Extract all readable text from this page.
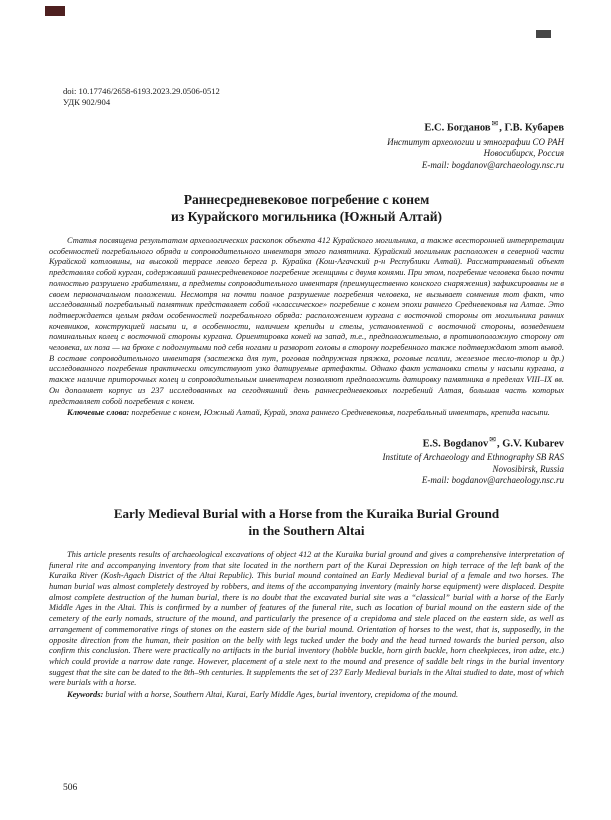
doi: 10.17746/2658-6193.2023.29.0506-0512
УДК 902/904
Е.С. Богданов✉, Г.В. Кубарев
Институт археологии и этнографии СО РАН
Новосибирск, Россия
E-mail: bogdanov@archaeology.nsc.ru
Раннесредневековое погребение с конем
из Курайского могильника (Южный Алтай)

Статья посвящена результатам археологических раскопок объекта 412 Курайского могильника, а также всесторонней интерпретации особенностей погребального обряда и сопроводительного инвентаря этого памятника. Курайский могильник расположен в северной части Курайской котловины, на высокой террасе левого берега р. Курайка (Кош-Агачский р-н Республики Алтай). Рассматриваемый объект представлял собой курган, содержавший раннесредневековое погребение женщины с двумя конями. При этом, погребение человека было почти полностью разрушено грабителями, а предметы сопроводительного инвентаря (преимущественно конского снаряжения) зафиксированы не в своем первоначальном положении. Несмотря на почти полное разрушение погребения человека, не вызывает сомнения тот факт, что исследованный погребальный памятник представляет собой «классическое» погребение с конем эпохи раннего Средневековья на Алтае. Это подтверждается целым рядом особенностей погребального обряда: расположением кургана с восточной стороны от могильника ранних кочевников, конструкцией насыпи и, в особенности, наличием крепиды и стелы, установленной с восточной стороны, возведением поминальных колец с восточной стороны кургана. Ориентировка коней на запад, т.е., предположительно, в противоположную сторону от человека, их поза — на брюхе с подогнутыми под себя ногами и разворот головы в сторону погребенного также подтверждают этот вывод. В составе сопроводительного инвентаря (застежка для пут, роговая подпружная пряжка, роговые псалии, железное тесло-топор и др.) исследованного погребения практически отсутствуют узко датируемые артефакты. Однако факт установки стелы у насыпи кургана, а также наличие приторочных колец и сопроводительным инвентарем позволяют предположить датировку памятника в пределах VIII–IX вв. Он дополняет корпус из 237 исследованных на сегодняшний день раннесредневековых погребений Алтая, большая часть которых представляет собой погребения с конем.

Ключевые слова: погребение с конем, Южный Алтай, Курай, эпоха раннего Средневековья, погребальный инвентарь, крепида насыпи.

E.S. Bogdanov✉, G.V. Kubarev
Institute of Archaeology and Ethnography SB RAS
Novosibirsk, Russia
E-mail: bogdanov@archaeology.nsc.ru
Early Medieval Burial with a Horse from the Kuraika Burial Ground
in the Southern Altai

This article presents results of archaeological excavations of object 412 at the Kuraika burial ground and gives a comprehensive interpretation of funeral rite and accompanying inventory from that site located in the northern part of the Kurai Depression on high terrace of the left bank of the Kuraika River (Kosh-Agach District of the Altai Republic). This burial mound contained an Early Medieval burial of a female and two horses. The human burial was almost completely destroyed by robbers, and items of the accompanying inventory (mainly horse equipment) were displaced. Despite almost complete destruction of the human burial, there is no doubt that the excavated burial site was a “classical” burial with a horse of the Early Middle Ages in the Altai. This is confirmed by a number of features of the funeral rite, such as location of burial mound on the eastern side of the cemetery of the early nomads, structure of the mound, and particularly the presence of a crepidoma and stele placed on the eastern side, as well as arrangement of commemorative rings of stones on the eastern side of the burial mound. Orientation of horses to the west, that is, supposedly, in the opposite direction from the human, their position on the belly with legs tucked under the body and the head turned towards the buried person, also confirm this conclusion. There were practically no artifacts in the burial inventory (hobble buckle, horn girth buckle, horn cheekpieces, iron adze, etc.) which could provide a narrow date range. However, placement of a stele next to the mound and presence of saddle belt rings in the burial inventory suggest that the site can be dated to the 8th–9th centuries. It supplements the set of 237 Early Medieval burials in the Altai studied to date, most of which were burials with a horse.

Keywords: burial with a horse, Southern Altai, Kurai, Early Middle Ages, burial inventory, crepidoma of the mound.

506
